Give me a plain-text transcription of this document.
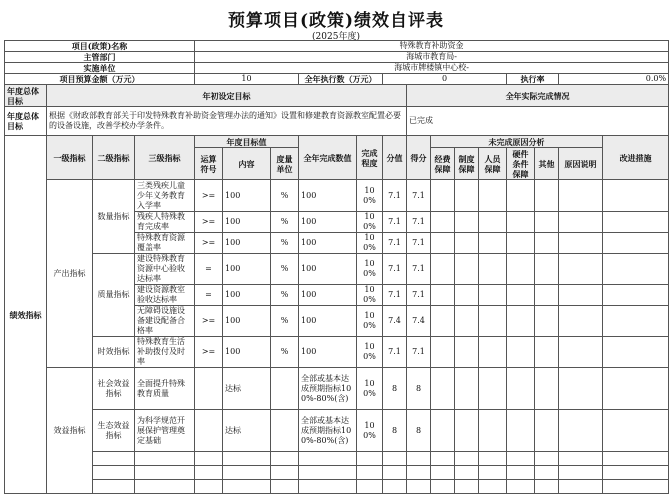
预算项目(政策)绩效自评表
(2025年度)
项目(政策)名称				特殊教育补助资金													
主管部门				海城市教育局-													
实施单位				海城市牌楼镇中心校-													
项目预算金额（万元）				10			全年执行数（万元）		0					执行率		0.0%	
年度总体目标	年初设定目标									全年实际完成情况							
年度总体目标	根据《财政部教育部关于印发特殊教育补助资金管理办法的通知》设置和修建教育资源教室配置必要的设备设施，改善学校办学条件。									已完成							
绩效指标	一级指标	二级指标	三级指标	年度目标值			全年完成数值	完成程度	分值	得分	未完成原因分析						改进措施
				运算符号	内容	度量单位					经费保障	制度保障	人员保障	硬件条件保障	其他	原因说明	
	产出指标	数量指标	三类残疾儿童少年义务教育入学率	>=	100	%	100	100%	7.1	7.1							
			残疾人特殊教育完成率	>=	100	%	100	100%	7.1	7.1							
			特殊教育资源覆盖率	>=	100	%	100	100%	7.1	7.1							
		质量指标	建设特殊教育资源中心验收达标率	=	100	%	100	100%	7.1	7.1							
			建设资源教室验收达标率	=	100	%	100	100%	7.1	7.1							
			无障碍设施设备建设配备合格率	>=	100	%	100	100%	7.4	7.4							
		时效指标	特殊教育生活补助拨付及时率	>=	100	%	100	100%	7.1	7.1							
	效益指标	社会效益指标	全面提升特殊教育质量		达标		全部或基本达成预期指标100%-80%(含)	100%	8	8							
		生态效益指标	为科学规范开展保护管理奠定基础		达标		全部或基本达成预期指标100%-80%(含)	100%	8	8							
